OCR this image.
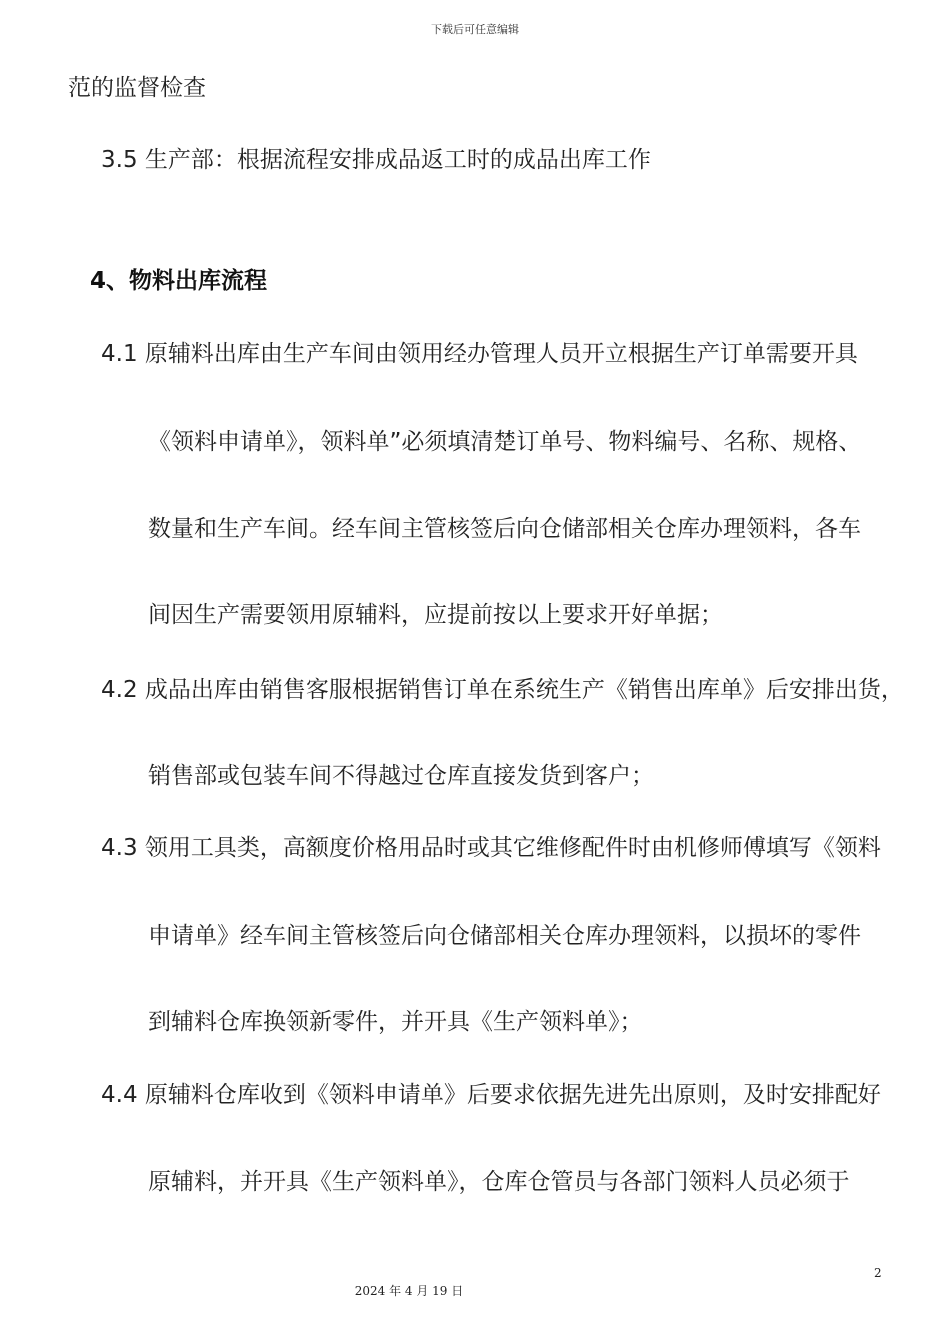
下载后可任意编辑
范的监督检查
3.5 生产部：根据流程安排成品返工时的成品出库工作
4、物料出库流程
4.1 原辅料出库由生产车间由领用经办管理人员开立根据生产订单需要开具
《领料申请单》，领料单”必须填清楚订单号、物料编号、名称、规格、
数量和生产车间。经车间主管核签后向仓储部相关仓库办理领料，各车
间因生产需要领用原辅料，应提前按以上要求开好单据；
4.2 成品出库由销售客服根据销售订单在系统生产《销售出库单》后安排出货，
销售部或包装车间不得越过仓库直接发货到客户；
4.3 领用工具类，高额度价格用品时或其它维修配件时由机修师傅填写《领料
申请单》经车间主管核签后向仓储部相关仓库办理领料，以损坏的零件
到辅料仓库换领新零件，并开具《生产领料单》；
4.4 原辅料仓库收到《领料申请单》后要求依据先进先出原则，及时安排配好
原辅料，并开具《生产领料单》，仓库仓管员与各部门领料人员必须于
2
2024 年 4 月 19 日
